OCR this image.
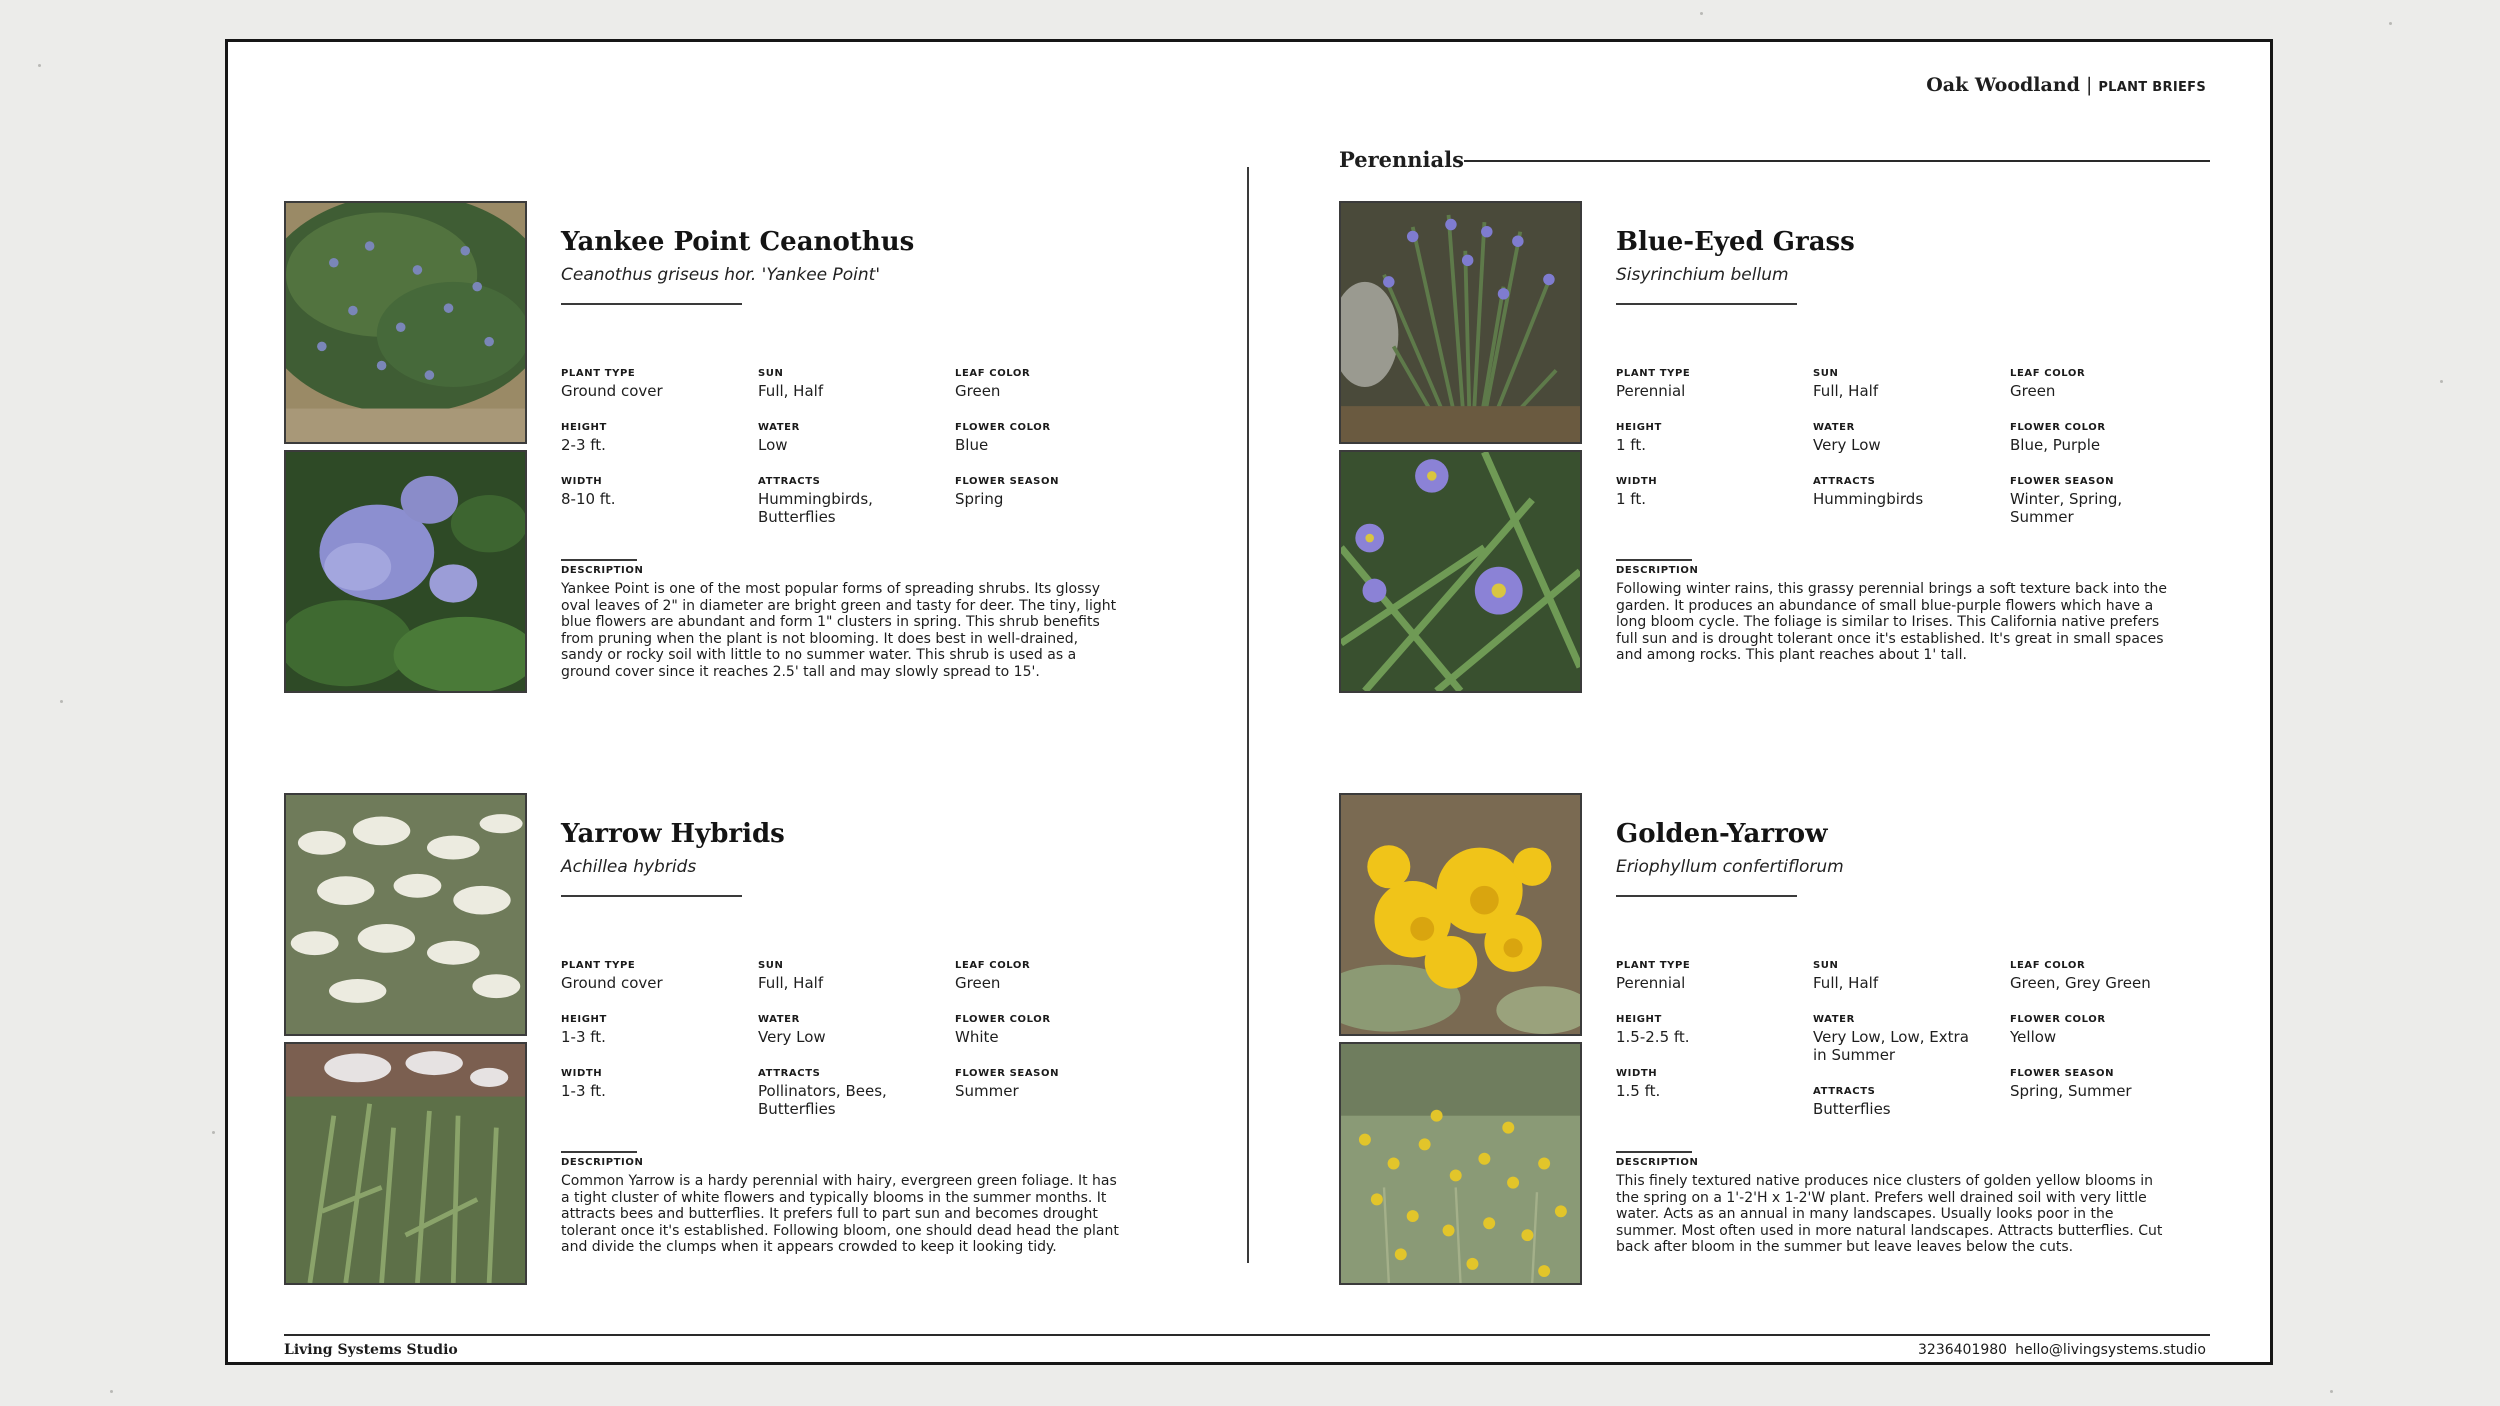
Oak Woodland | PLANT BRIEFS
Perennials
Yankee Point Ceanothus
Ceanothus griseus hor. 'Yankee Point'
PLANT TYPE
Ground cover
SUN
Full, Half
LEAF COLOR
Green
HEIGHT
2-3 ft.
WATER
Low
FLOWER COLOR
Blue
WIDTH
8-10 ft.
ATTRACTS
Hummingbirds, Butterflies
FLOWER SEASON
Spring
DESCRIPTION
Yankee Point is one of the most popular forms of spreading shrubs. Its glossy oval leaves of 2" in diameter are bright green and tasty for deer. The tiny, light blue flowers are abundant and form 1" clusters in spring. This shrub benefits from pruning when the plant is not blooming. It does best in well-drained, sandy or rocky soil with little to no summer water. This shrub is used as a ground cover since it reaches 2.5' tall and may slowly spread to 15'.
Blue-Eyed Grass
Sisyrinchium bellum
PLANT TYPE
Perennial
SUN
Full, Half
LEAF COLOR
Green
HEIGHT
1 ft.
WATER
Very Low
FLOWER COLOR
Blue, Purple
WIDTH
1 ft.
ATTRACTS
Hummingbirds
FLOWER SEASON
Winter, Spring, Summer
DESCRIPTION
Following winter rains, this grassy perennial brings a soft texture back into the garden. It produces an abundance of small blue-purple flowers which have a long bloom cycle. The foliage is similar to Irises. This California native prefers full sun and is drought tolerant once it's established. It's great in small spaces and among rocks. This plant reaches about 1' tall.
Yarrow Hybrids
Achillea hybrids
PLANT TYPE
Ground cover
SUN
Full, Half
LEAF COLOR
Green
HEIGHT
1-3 ft.
WATER
Very Low
FLOWER COLOR
White
WIDTH
1-3 ft.
ATTRACTS
Pollinators, Bees, Butterflies
FLOWER SEASON
Summer
DESCRIPTION
Common Yarrow is a hardy perennial with hairy, evergreen green foliage. It has a tight cluster of white flowers and typically blooms in the summer months. It attracts bees and butterflies. It prefers full to part sun and becomes drought tolerant once it's established. Following bloom, one should dead head the plant and divide the clumps when it appears crowded to keep it looking tidy.
Golden-Yarrow
Eriophyllum confertiflorum
PLANT TYPE
Perennial
SUN
Full, Half
LEAF COLOR
Green, Grey Green
HEIGHT
1.5-2.5 ft.
WATER
Very Low, Low, Extra in Summer
FLOWER COLOR
Yellow
WIDTH
1.5 ft.	ATTRACTS
Butterflies
FLOWER SEASON
Spring, Summer
DESCRIPTION
This finely textured native produces nice clusters of golden yellow blooms in the spring on a 1'-2'H x 1-2'W plant. Prefers well drained soil with very little water. Acts as an annual in many landscapes. Usually looks poor in the summer. Most often used in more natural landscapes. Attracts butterflies. Cut back after bloom in the summer but leave leaves below the cuts.
Living Systems Studio	3236401980 hello@livingsystems.studio
